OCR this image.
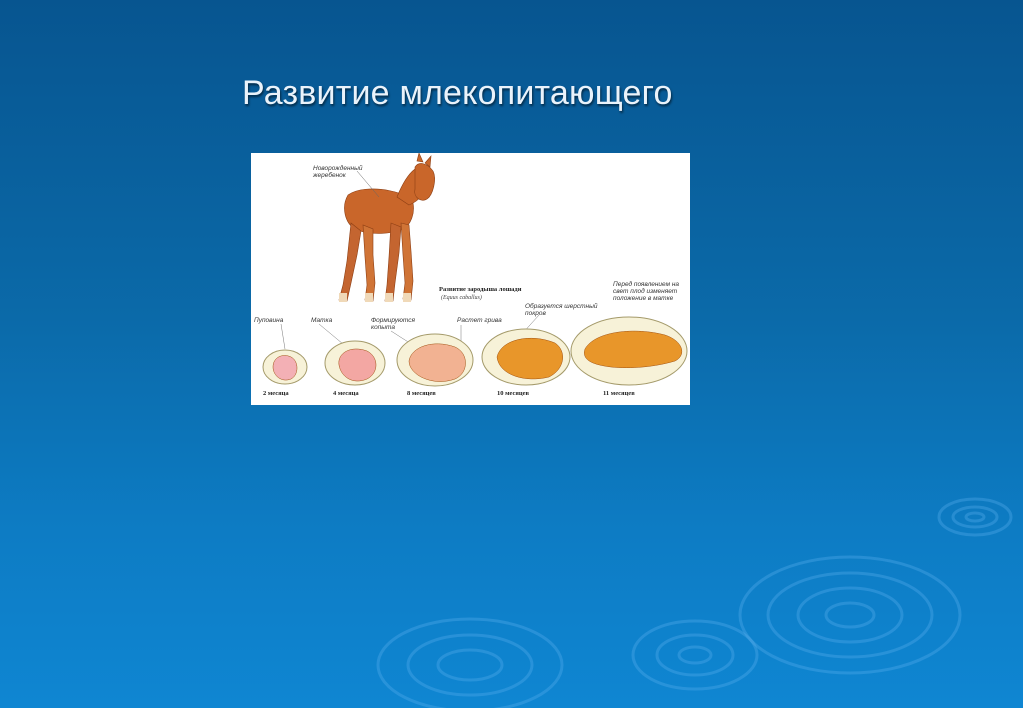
Развитие млекопитающего
Новорожденный жеребенок
Развитие зародыша лошади
(Equus caballus)
Пуповина	Матка	Формируются копыта
Растет грива
Образуется шерстный покров
Перед появлением на свет плод изменяет положение в матке
2 месяца	4 месяца	8 месяцев	10 месяцев	11 месяцев
